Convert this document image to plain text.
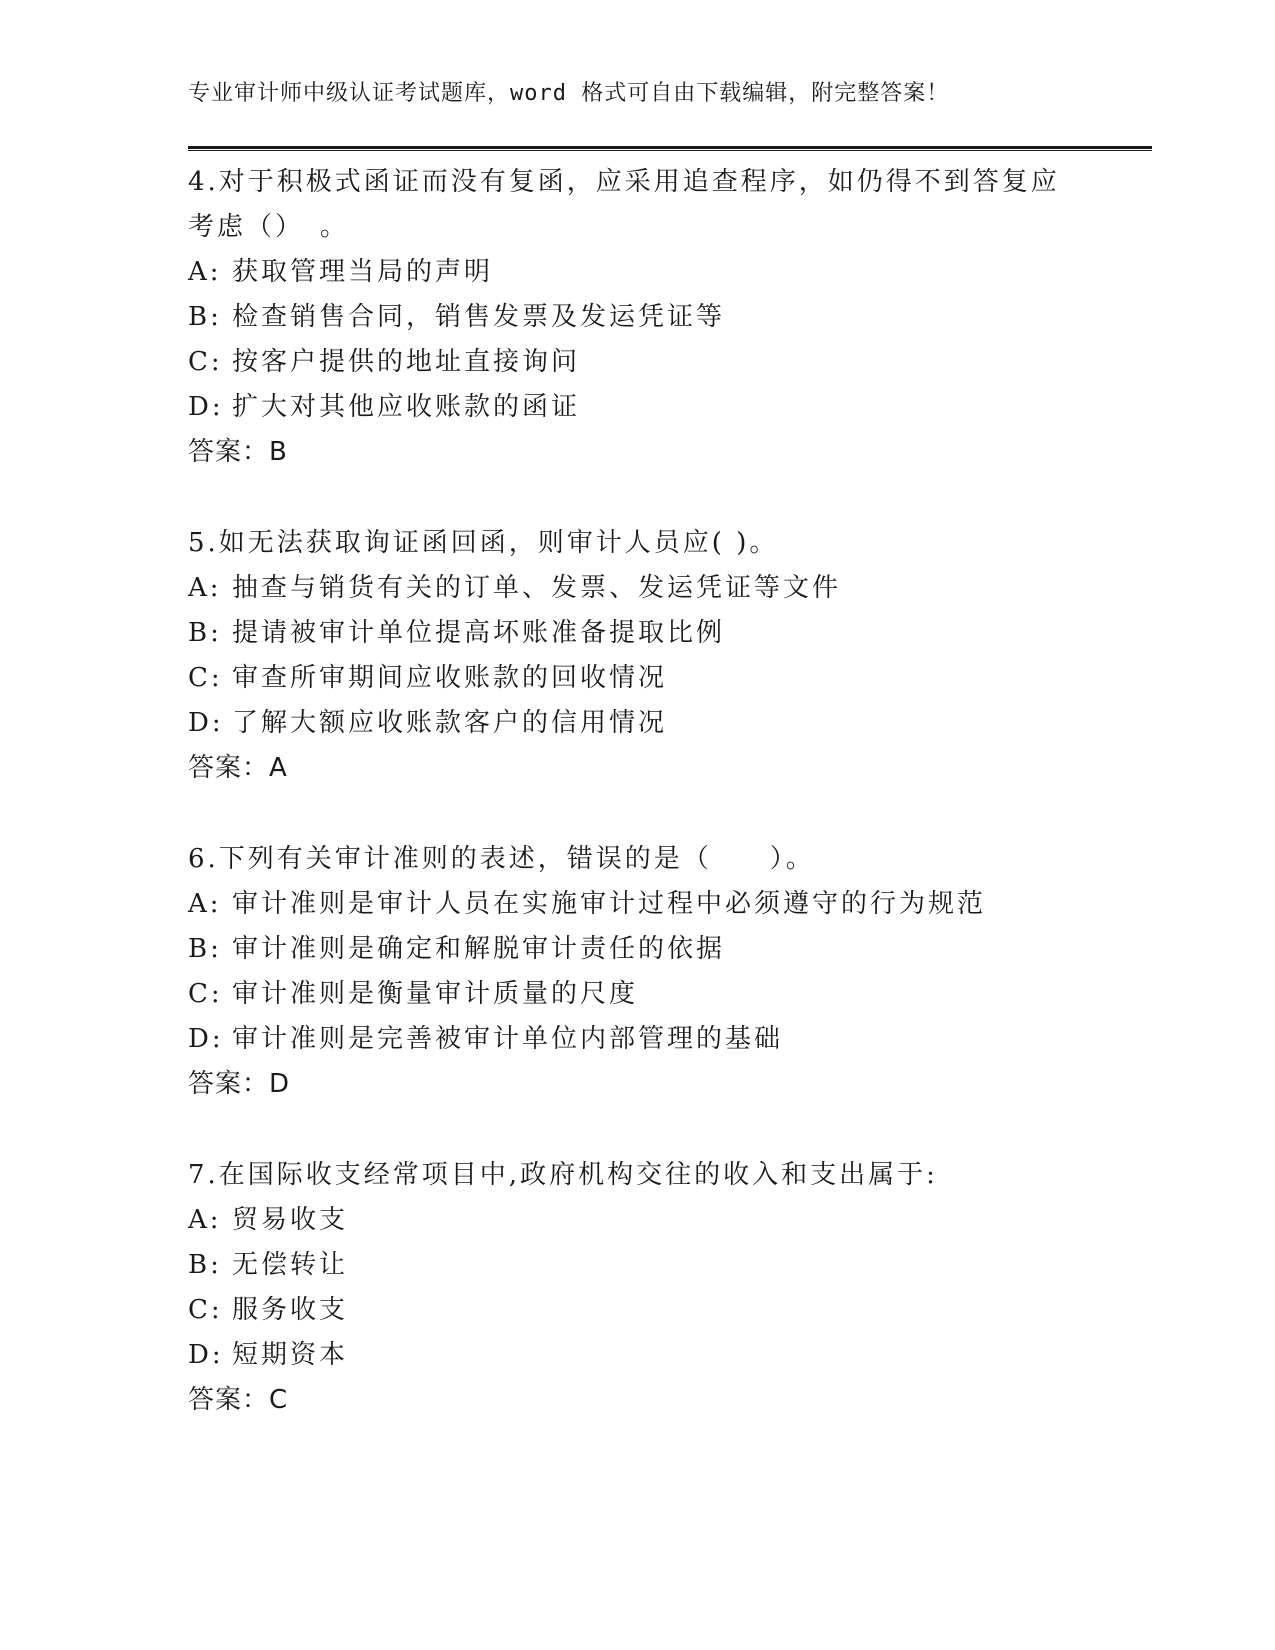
专业审计师中级认证考试题库，word 格式可自由下载编辑，附完整答案！

4.对于积极式函证而没有复函，应采用追查程序，如仍得不到答复应考虑（）　。

A: 获取管理当局的声明
B: 检查销售合同，销售发票及发运凭证等
C: 按客户提供的地址直接询问
D: 扩大对其他应收账款的函证
答案：B

5.如无法获取询证函回函，则审计人员应( )。

A: 抽查与销货有关的订单、发票、发运凭证等文件
B: 提请被审计单位提高坏账准备提取比例
C: 审查所审期间应收账款的回收情况
D: 了解大额应收账款客户的信用情况
答案：A

6.下列有关审计准则的表述，错误的是（　　）。

A: 审计准则是审计人员在实施审计过程中必须遵守的行为规范
B: 审计准则是确定和解脱审计责任的依据
C: 审计准则是衡量审计质量的尺度
D: 审计准则是完善被审计单位内部管理的基础
答案：D

7.在国际收支经常项目中,政府机构交往的收入和支出属于:

A: 贸易收支
B: 无偿转让
C: 服务收支
D: 短期资本
答案：C
